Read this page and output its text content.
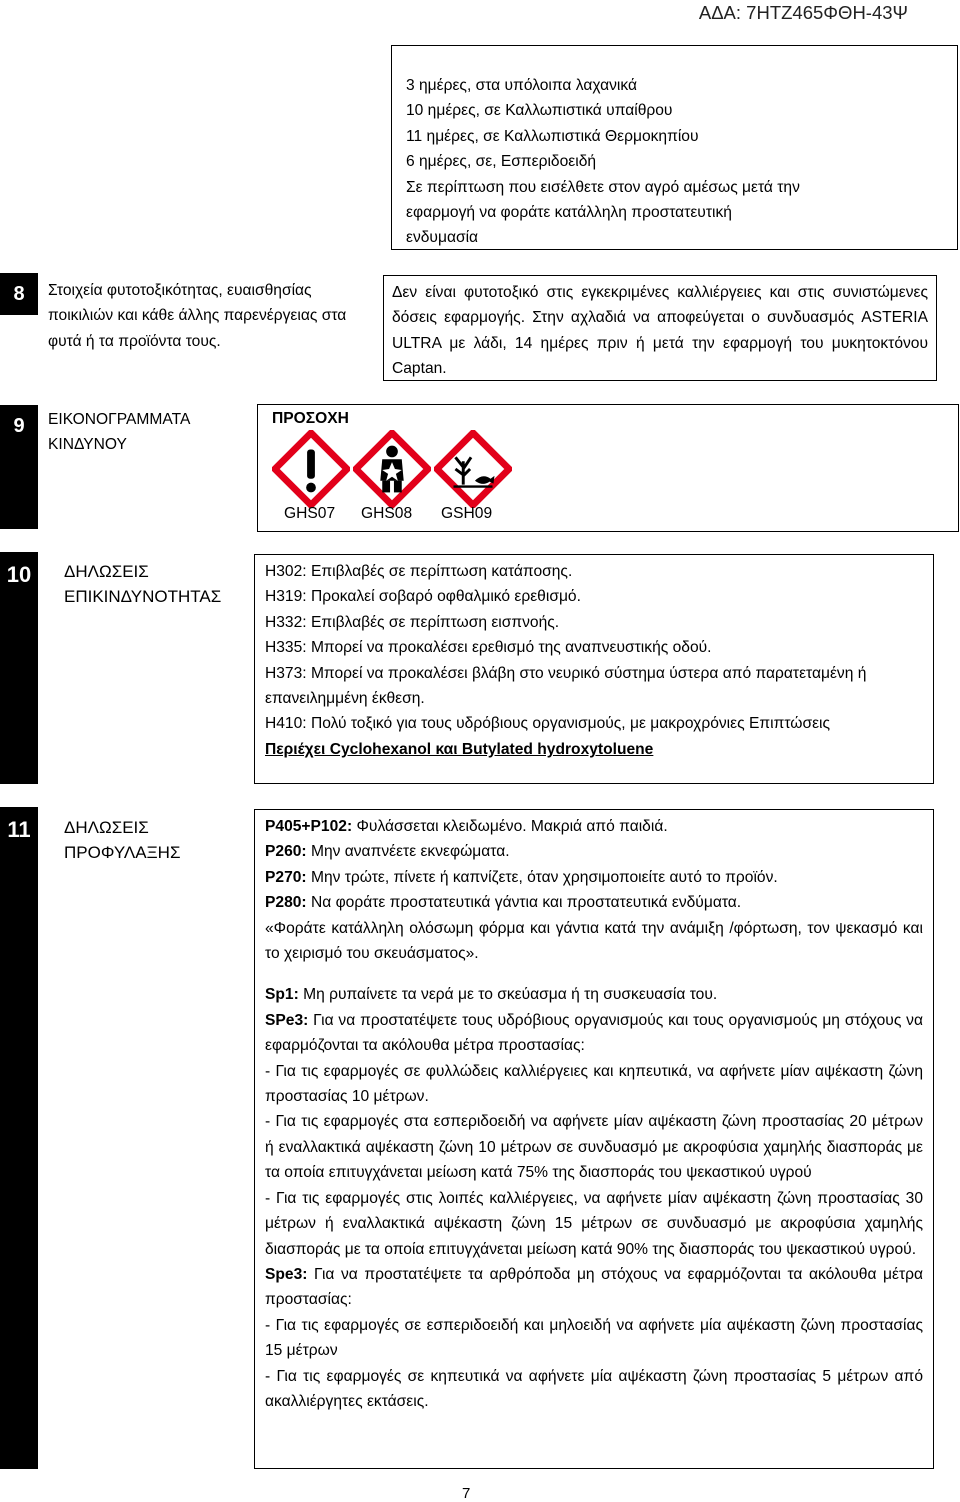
ΑΔΑ: 7ΗΤΖ465ΦΘΗ-43Ψ
3 ημέρες, στα υπόλοιπα λαχανικά
10 ημέρες, σε Καλλωπιστικά υπαίθρου
11 ημέρες, σε Καλλωπιστικά Θερμοκηπίου
6 ημέρες, σε, Εσπεριδοειδή
Σε περίπτωση που εισέλθετε στον αγρό αμέσως μετά την
εφαρμογή να φοράτε κατάλληλη προστατευτική
ενδυμασία
8	Στοιχεία φυτοτοξικότητας, ευαισθησίας ποικιλιών και κάθε άλλης παρενέργειας στα φυτά ή τα προϊόντα τους.
Δεν είναι φυτοτοξικό στις εγκεκριμένες καλλιέργειες και στις συνιστώμενες δόσεις εφαρμογής. Στην αχλαδιά να αποφεύγεται ο συνδυασμός ASTERIA ULTRA με λάδι, 14 ημέρες πριν ή μετά την εφαρμογή του μυκητοκτόνου Captan.
9	ΕΙΚΟΝΟΓΡΑΜΜΑΤΑ ΚΙΝΔΥΝΟΥ
ΠΡΟΣΟΧΗ
GHS07 GHS08 GSH09
10	ΔΗΛΩΣΕΙΣ ΕΠΙΚΙΝΔΥΝΟΤΗΤΑΣ
H302: Επιβλαβές σε περίπτωση κατάποσης.
H319: Προκαλεί σοβαρό οφθαλμικό ερεθισμό.
H332: Επιβλαβές σε περίπτωση εισπνοής.
H335: Μπορεί να προκαλέσει ερεθισμό της αναπνευστικής οδού.
H373: Μπορεί να προκαλέσει βλάβη στο νευρικό σύστημα ύστερα από παρατεταμένη ή επανειλημμένη έκθεση.
H410: Πολύ τοξικό για τους υδρόβιους οργανισμούς, με μακροχρόνιες Επιπτώσεις
Περιέχει Cyclohexanol και Butylated hydroxytoluene
11	ΔΗΛΩΣΕΙΣ ΠΡΟΦΥΛΑΞΗΣ
P405+P102: Φυλάσσεται κλειδωμένο. Μακριά από παιδιά.
P260: Μην αναπνέετε εκνεφώματα.
P270: Μην τρώτε, πίνετε ή καπνίζετε, όταν χρησιμοποιείτε αυτό το προϊόν.
P280: Να φοράτε προστατευτικά γάντια και προστατευτικά ενδύματα.
«Φοράτε κατάλληλη ολόσωμη φόρμα και γάντια κατά την ανάμιξη /φόρτωση, τον ψεκασμό και το χειρισμό του σκευάσματος».
Sp1: Μη ρυπαίνετε τα νερά με το σκεύασμα ή τη συσκευασία του.
SPe3: Για να προστατέψετε τους υδρόβιους οργανισμούς και τους οργανισμούς μη στόχους να εφαρμόζονται τα ακόλουθα μέτρα προστασίας:
- Για τις εφαρμογές σε φυλλώδεις καλλιέργειες και κηπευτικά, να αφήνετε μίαν αψέκαστη ζώνη προστασίας 10 μέτρων.
- Για τις εφαρμογές στα εσπεριδοειδή να αφήνετε μίαν αψέκαστη ζώνη προστασίας 20 μέτρων ή εναλλακτικά αψέκαστη ζώνη 10 μέτρων σε συνδυασμό με ακροφύσια χαμηλής διασποράς με τα οποία επιτυγχάνεται μείωση κατά 75% της διασποράς του ψεκαστικού υγρού
- Για τις εφαρμογές στις λοιπές καλλιέργειες, να αφήνετε μίαν αψέκαστη ζώνη προστασίας 30 μέτρων ή εναλλακτικά αψέκαστη ζώνη 15 μέτρων σε συνδυασμό με ακροφύσια χαμηλής διασποράς με τα οποία επιτυγχάνεται μείωση κατά 90% της διασποράς του ψεκαστικού υγρού.
Spe3: Για να προστατέψετε τα αρθρόποδα μη στόχους να εφαρμόζονται τα ακόλουθα μέτρα προστασίας:
- Για τις εφαρμογές σε εσπεριδοειδή και μηλοειδή να αφήνετε μία αψέκαστη ζώνη προστασίας 15 μέτρων
- Για τις εφαρμογές σε κηπευτικά να αφήνετε μία αψέκαστη ζώνη προστασίας 5 μέτρων από ακαλλιέργητες εκτάσεις.
7
